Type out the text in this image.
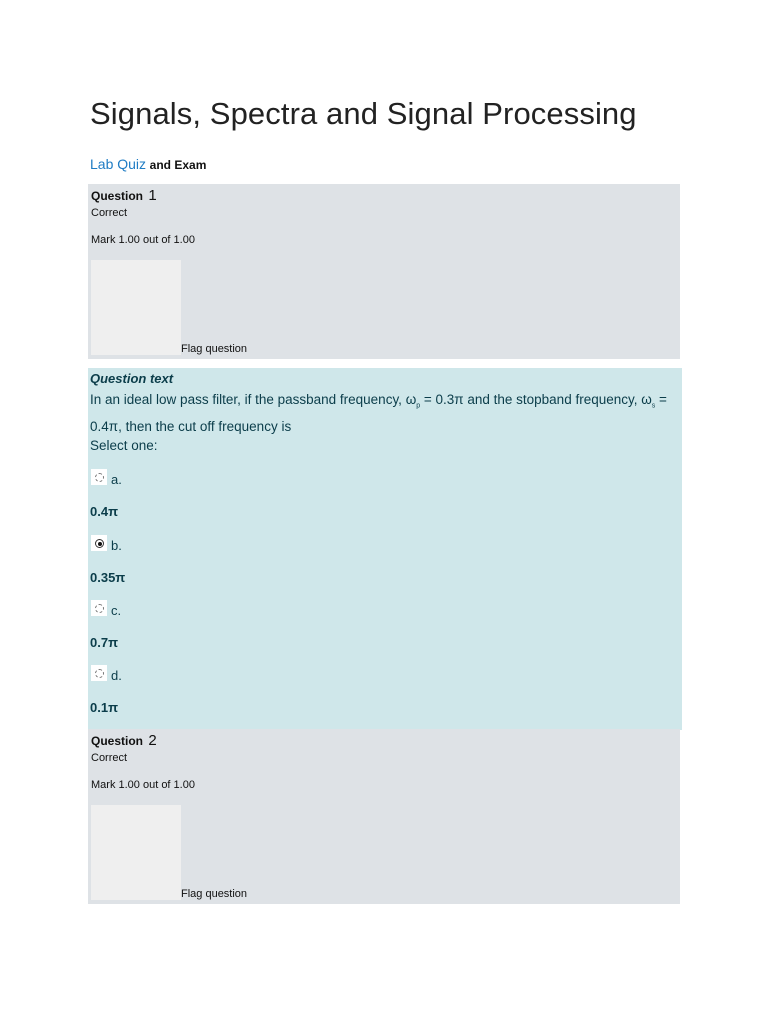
Signals, Spectra and Signal Processing
Lab Quiz and Exam
Question 1
Correct
Mark 1.00 out of 1.00
Flag question
Question text
In an ideal low pass filter, if the passband frequency, $\omega_p = 0.3\pi$ and the stopband frequency, $\omega_s = 0.4\pi$, then the cut off frequency is
Select one:
a.
0.4π
b.
0.35π
c.
0.7π
d.
0.1π
Question 2
Correct
Mark 1.00 out of 1.00
Flag question
